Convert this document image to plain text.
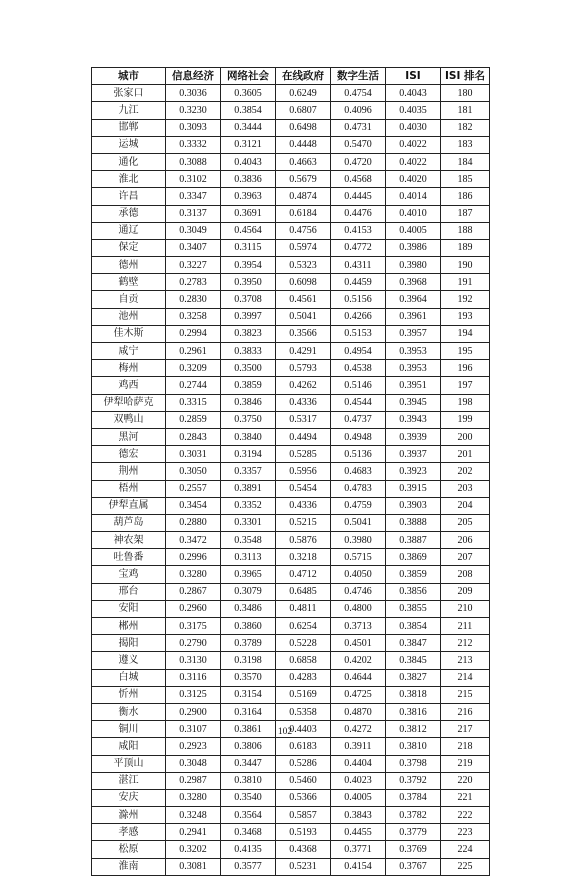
城市	信息经济	网络社会	在线政府	数字生活	ISI	ISI 排名
张家口	0.3036	0.3605	0.6249	0.4754	0.4043	180
九江	0.3230	0.3854	0.6807	0.4096	0.4035	181
邯郸	0.3093	0.3444	0.6498	0.4731	0.4030	182
运城	0.3332	0.3121	0.4448	0.5470	0.4022	183
通化	0.3088	0.4043	0.4663	0.4720	0.4022	184
淮北	0.3102	0.3836	0.5679	0.4568	0.4020	185
许昌	0.3347	0.3963	0.4874	0.4445	0.4014	186
承德	0.3137	0.3691	0.6184	0.4476	0.4010	187
通辽	0.3049	0.4564	0.4756	0.4153	0.4005	188
保定	0.3407	0.3115	0.5974	0.4772	0.3986	189
德州	0.3227	0.3954	0.5323	0.4311	0.3980	190
鹤壁	0.2783	0.3950	0.6098	0.4459	0.3968	191
自贡	0.2830	0.3708	0.4561	0.5156	0.3964	192
池州	0.3258	0.3997	0.5041	0.4266	0.3961	193
佳木斯	0.2994	0.3823	0.3566	0.5153	0.3957	194
咸宁	0.2961	0.3833	0.4291	0.4954	0.3953	195
梅州	0.3209	0.3500	0.5793	0.4538	0.3953	196
鸡西	0.2744	0.3859	0.4262	0.5146	0.3951	197
伊犁哈萨克	0.3315	0.3846	0.4336	0.4544	0.3945	198
双鸭山	0.2859	0.3750	0.5317	0.4737	0.3943	199
黑河	0.2843	0.3840	0.4494	0.4948	0.3939	200
德宏	0.3031	0.3194	0.5285	0.5136	0.3937	201
荆州	0.3050	0.3357	0.5956	0.4683	0.3923	202
梧州	0.2557	0.3891	0.5454	0.4783	0.3915	203
伊犁直属	0.3454	0.3352	0.4336	0.4759	0.3903	204
葫芦岛	0.2880	0.3301	0.5215	0.5041	0.3888	205
神农架	0.3472	0.3548	0.5876	0.3980	0.3887	206
吐鲁番	0.2996	0.3113	0.3218	0.5715	0.3869	207
宝鸡	0.3280	0.3965	0.4712	0.4050	0.3859	208
邢台	0.2867	0.3079	0.6485	0.4746	0.3856	209
安阳	0.2960	0.3486	0.4811	0.4800	0.3855	210
郴州	0.3175	0.3860	0.6254	0.3713	0.3854	211
揭阳	0.2790	0.3789	0.5228	0.4501	0.3847	212
遵义	0.3130	0.3198	0.6858	0.4202	0.3845	213
白城	0.3116	0.3570	0.4283	0.4644	0.3827	214
忻州	0.3125	0.3154	0.5169	0.4725	0.3818	215
衡水	0.2900	0.3164	0.5358	0.4870	0.3816	216
铜川	0.3107	0.3861	0.4403	0.4272	0.3812	217
咸阳	0.2923	0.3806	0.6183	0.3911	0.3810	218
平顶山	0.3048	0.3447	0.5286	0.4404	0.3798	219
湛江	0.2987	0.3810	0.5460	0.4023	0.3792	220
安庆	0.3280	0.3540	0.5366	0.4005	0.3784	221
滁州	0.3248	0.3564	0.5857	0.3843	0.3782	222
孝感	0.2941	0.3468	0.5193	0.4455	0.3779	223
松原	0.3202	0.4135	0.4368	0.3771	0.3769	224
淮南	0.3081	0.3577	0.5231	0.4154	0.3767	225
102
